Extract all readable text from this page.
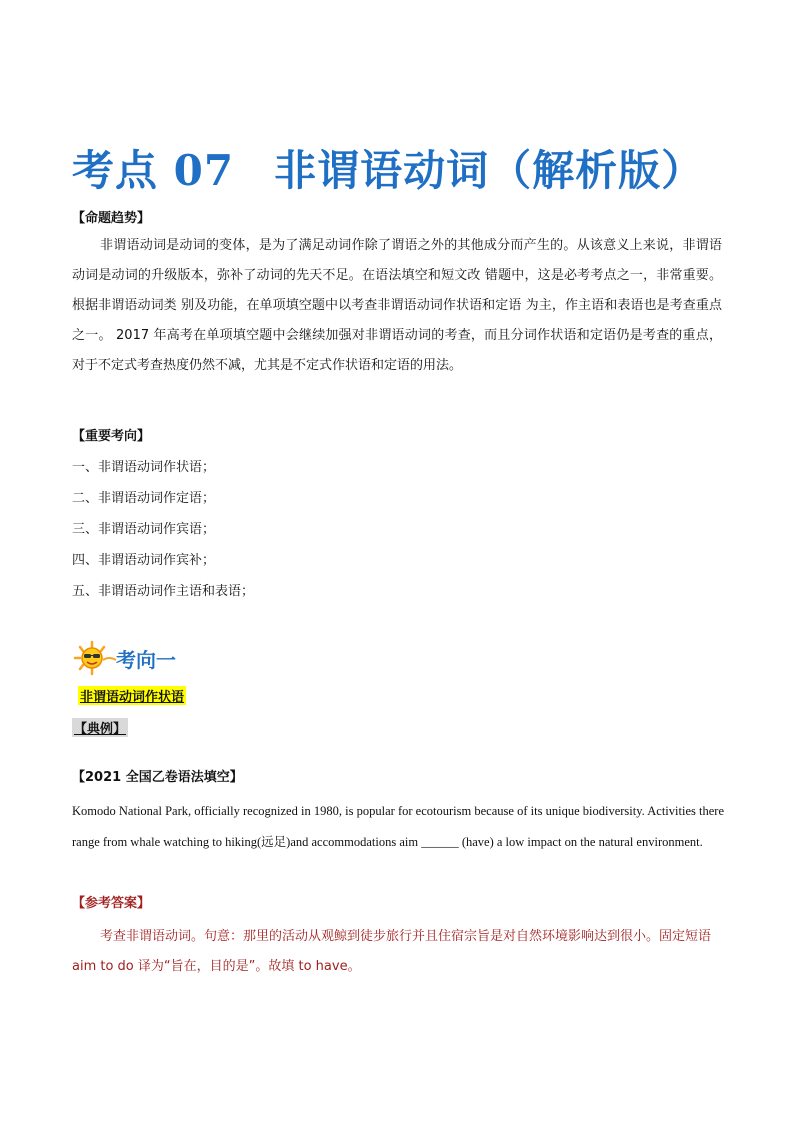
考点 07 非谓语动词（解析版）
【命题趋势】
非谓语动词是动词的变体，是为了满足动词作除了谓语之外的其他成分而产生的。从该意义上来说，非谓语动词是动词的升级版本，弥补了动词的先天不足。在语法填空和短文改 错题中，这是必考考点之一，非常重要。根据非谓语动词类 别及功能，在单项填空题中以考查非谓语动词作状语和定语 为主，作主语和表语也是考查重点之一。 2017 年高考在单项填空题中会继续加强对非谓语动词的考查，而且分词作状语和定语仍是考查的重点，对于不定式考查热度仍然不减，尤其是不定式作状语和定语的用法。
【重要考向】
一、非谓语动词作状语；
二、非谓语动词作定语；
三、非谓语动词作宾语；
四、非谓语动词作宾补；
五、非谓语动词作主语和表语；
考向一
非谓语动词作状语
【典例】
【2021 全国乙卷语法填空】
Komodo National Park, officially recognized in 1980, is popular for ecotourism because of its unique biodiversity. Activities there range from whale watching to hiking(远足)and accommodations aim ______ (have) a low impact on the natural environment.
【参考答案】
考查非谓语动词。句意：那里的活动从观鲸到徒步旅行并且住宿宗旨是对自然环境影响达到很小。固定短语 aim to do 译为“旨在，目的是”。故填 to have。
